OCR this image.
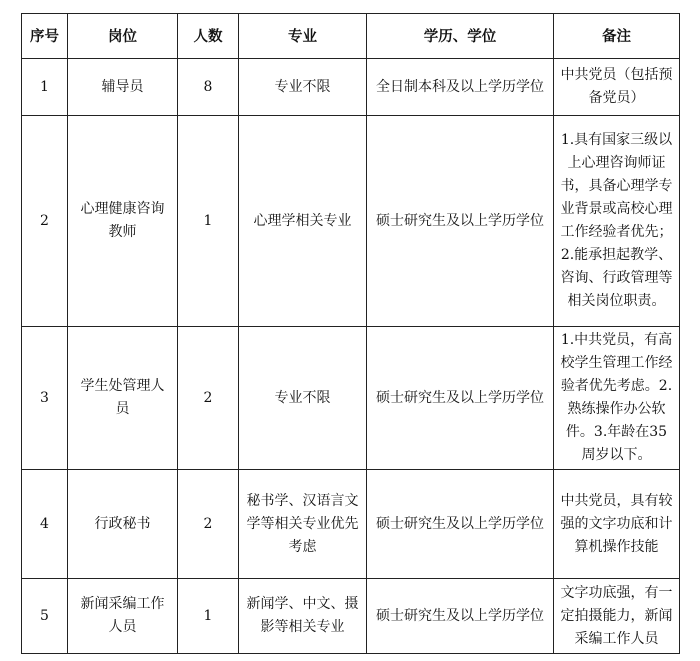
序号	岗位	人数	专业	学历、学位	备注
1	辅导员	8	专业不限	全日制本科及以上学历学位	中共党员（包括预备党员）
2	心理健康咨询教师	1	心理学相关专业	硕士研究生及以上学历学位	1.具有国家三级以上心理咨询师证书，具备心理学专业背景或高校心理工作经验者优先；2.能承担起教学、咨询、行政管理等相关岗位职责。
3	学生处管理人员	2	专业不限	硕士研究生及以上学历学位	1.中共党员，有高校学生管理工作经验者优先考虑。2.熟练操作办公软件。3.年龄在35周岁以下。
4	行政秘书	2	秘书学、汉语言文学等相关专业优先考虑	硕士研究生及以上学历学位	中共党员，具有较强的文字功底和计算机操作技能
5	新闻采编工作人员	1	新闻学、中文、摄影等相关专业	硕士研究生及以上学历学位	文字功底强，有一定拍摄能力，新闻采编工作人员
